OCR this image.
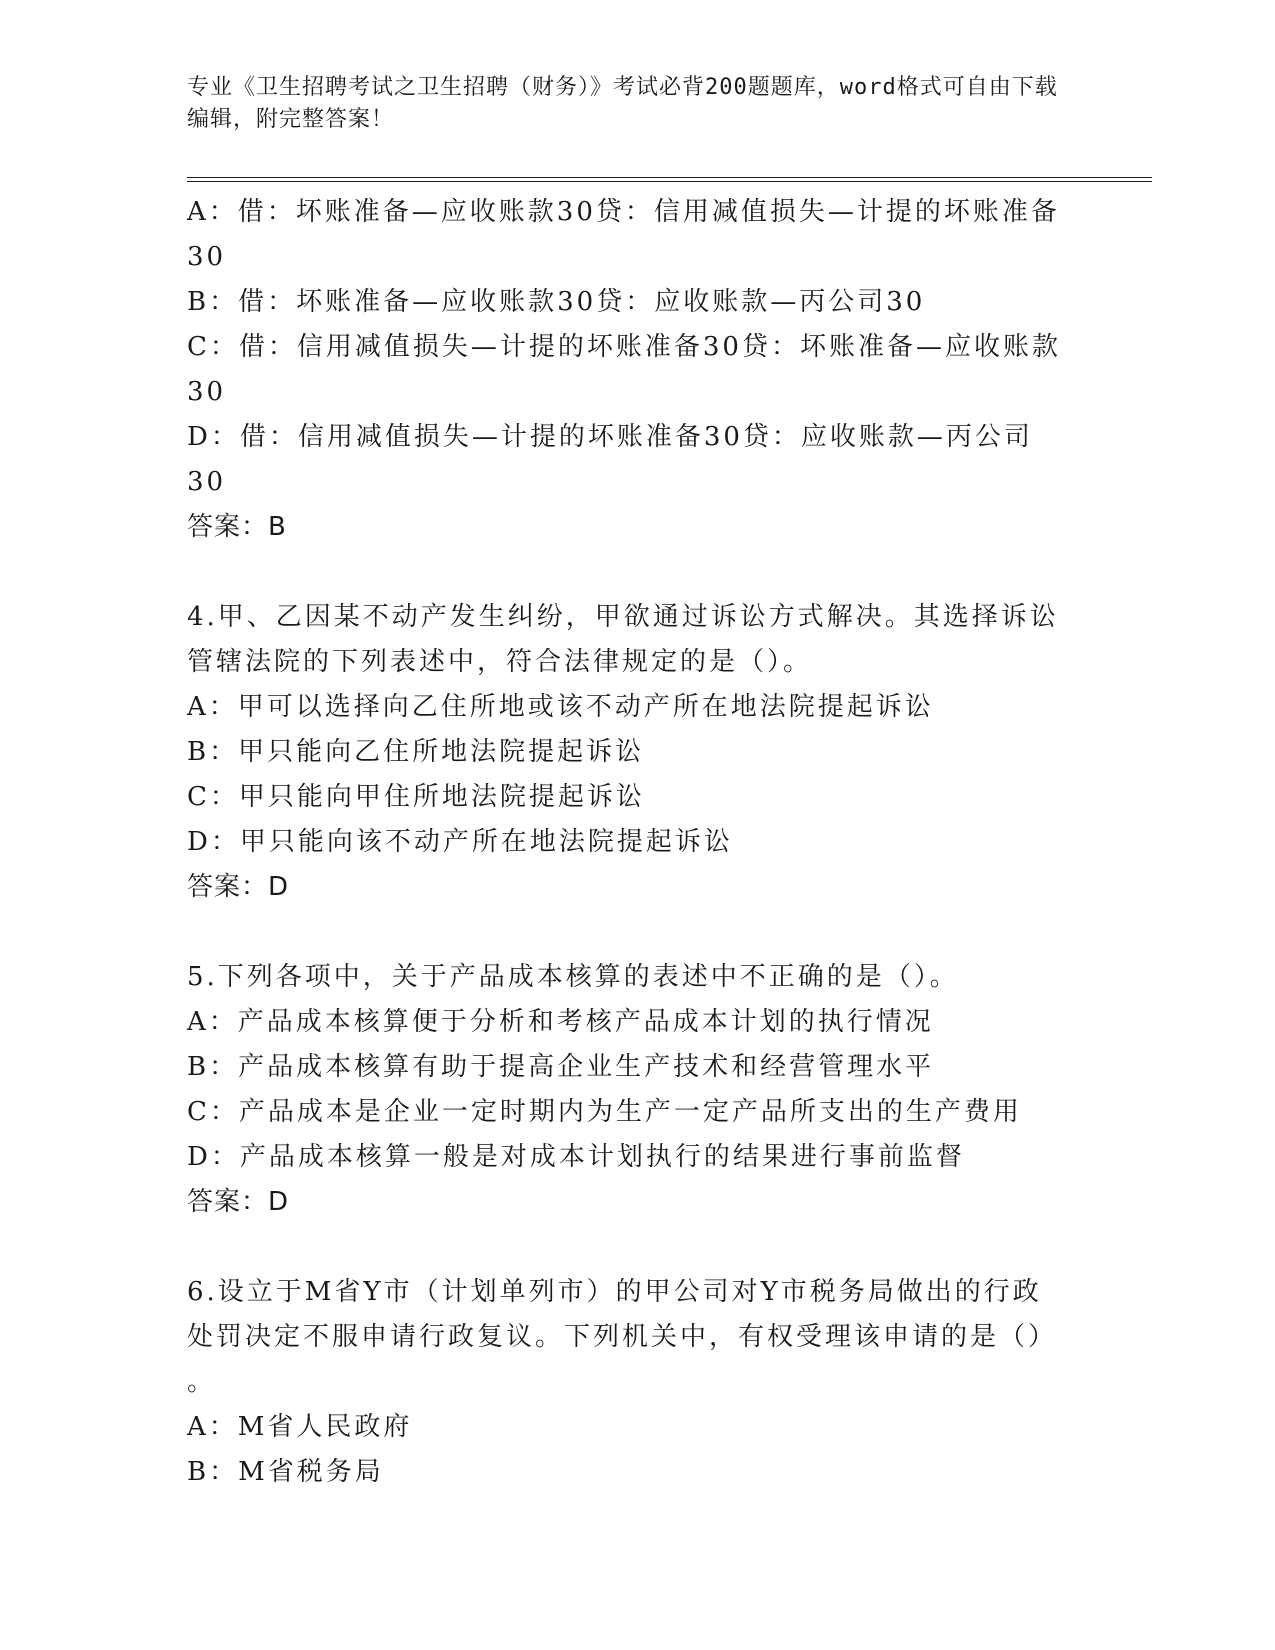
专业《卫生招聘考试之卫生招聘（财务）》考试必背200题题库，word格式可自由下载编辑，附完整答案！
A：借：坏账准备—应收账款30贷：信用减值损失—计提的坏账准备30
B：借：坏账准备—应收账款30贷：应收账款—丙公司30
C：借：信用减值损失—计提的坏账准备30贷：坏账准备—应收账款30
D：借：信用减值损失—计提的坏账准备30贷：应收账款—丙公司30
答案：B
4.甲、乙因某不动产发生纠纷，甲欲通过诉讼方式解决。其选择诉讼管辖法院的下列表述中，符合法律规定的是（）。
A：甲可以选择向乙住所地或该不动产所在地法院提起诉讼
B：甲只能向乙住所地法院提起诉讼
C：甲只能向甲住所地法院提起诉讼
D：甲只能向该不动产所在地法院提起诉讼
答案：D
5.下列各项中，关于产品成本核算的表述中不正确的是（）。
A：产品成本核算便于分析和考核产品成本计划的执行情况
B：产品成本核算有助于提高企业生产技术和经营管理水平
C：产品成本是企业一定时期内为生产一定产品所支出的生产费用
D：产品成本核算一般是对成本计划执行的结果进行事前监督
答案：D
6.设立于M省Y市（计划单列市）的甲公司对Y市税务局做出的行政处罚决定不服申请行政复议。下列机关中，有权受理该申请的是（）
。
A：M省人民政府
B：M省税务局
